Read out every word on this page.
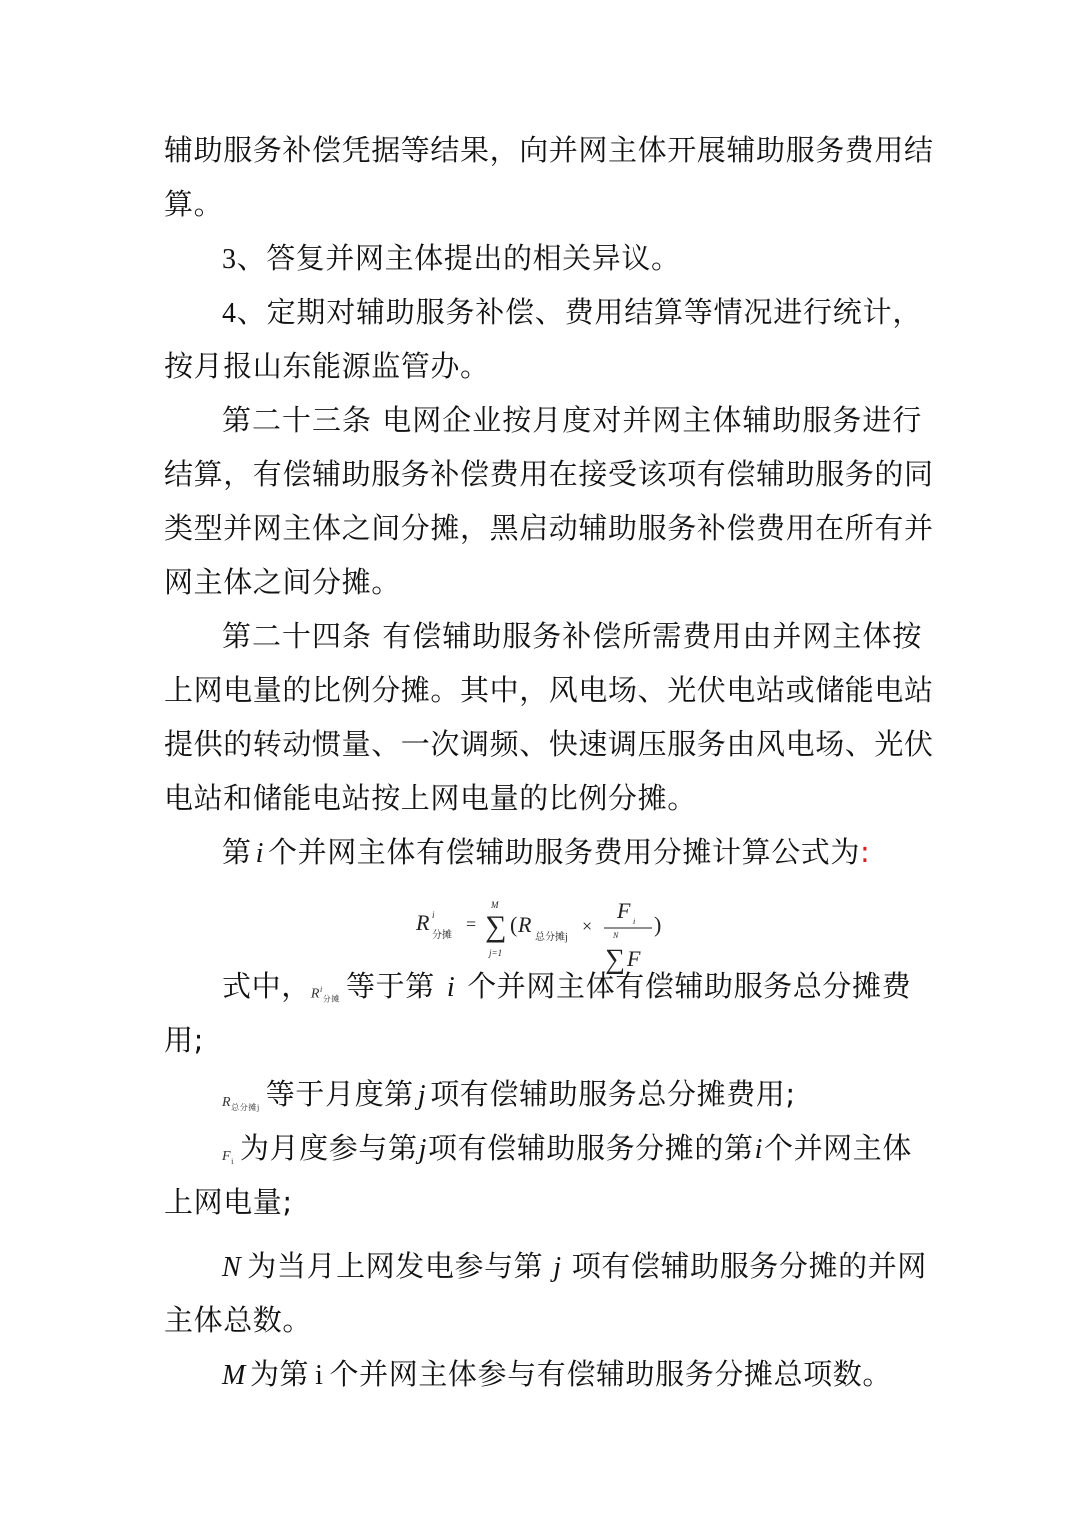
辅助服务补偿凭据等结果，向并网主体开展辅助服务费用结
算。
3、答复并网主体提出的相关异议。
4、定期对辅助服务补偿、费用结算等情况进行统计，
按月报山东能源监管办。
第二十三条 电网企业按月度对并网主体辅助服务进行
结算，有偿辅助服务补偿费用在接受该项有偿辅助服务的同
类型并网主体之间分摊，黑启动辅助服务补偿费用在所有并
网主体之间分摊。
第二十四条 有偿辅助服务补偿所需费用由并网主体按
上网电量的比例分摊。其中，风电场、光伏电站或储能电站
提供的转动惯量、一次调频、快速调压服务由风电场、光伏
电站和储能电站按上网电量的比例分摊。
第 i 个并网主体有偿辅助服务费用分摊计算公式为:
R i
分摊
=
M
∑
j=1
( R
总分摊j
×
F i
N
∑ F
)
式中，$R^i_{分摊}$ 等于第 i 个并网主体有偿辅助服务总分摊费
用;
$R_{总分摊j}$ 等于月度第 j 项有偿辅助服务总分摊费用;
$F_i$ 为月度参与第j项有偿辅助服务分摊的第i个并网主体
上网电量;
N 为当月上网发电参与第 j 项有偿辅助服务分摊的并网
主体总数。
M 为第 i 个并网主体参与有偿辅助服务分摊总项数。
